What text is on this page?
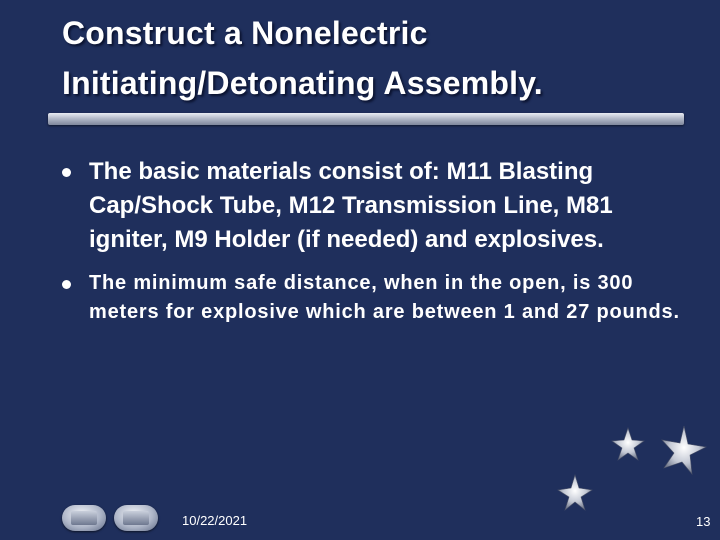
Construct a Nonelectric
Initiating/Detonating Assembly.
The basic materials consist of: M11 Blasting Cap/Shock Tube, M12 Transmission Line, M81 igniter, M9 Holder (if needed) and explosives.
The minimum safe distance, when in the open, is 300 meters for explosive which are between 1 and 27 pounds.
10/22/2021	13
